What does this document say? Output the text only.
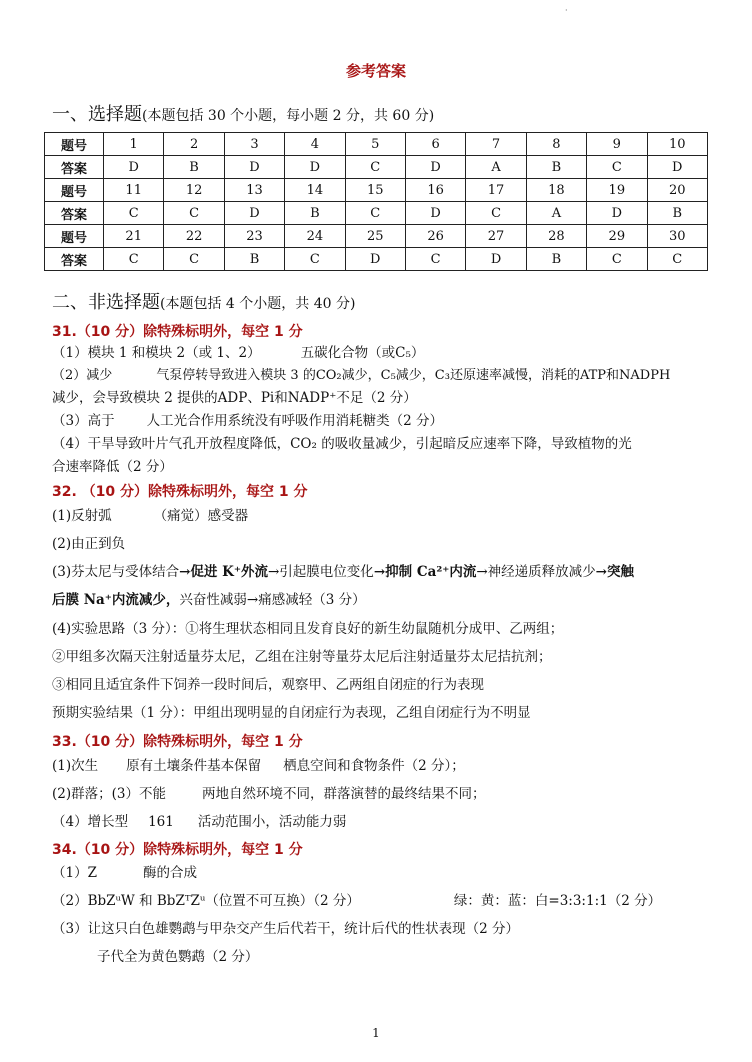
·
参考答案
一、选择题(本题包括 30 个小题，每小题 2 分，共 60 分)
题号	1	2	3	4	5	6	7	8	9	10
答案	D	B	D	D	C	D	A	B	C	D
题号	11	12	13	14	15	16	17	18	19	20
答案	C	C	D	B	C	D	C	A	D	B
题号	21	22	23	24	25	26	27	28	29	30
答案	C	C	B	C	D	C	D	B	C	C
二、非选择题(本题包括 4 个小题，共 40 分)
31.（10 分）除特殊标明外，每空 1 分
（1）模块 1 和模块 2（或 1、2）	五碳化合物（或C₅）
（2）减少	气泵停转导致进入模块 3 的CO₂减少，C₅减少，C₃还原速率减慢，消耗的ATP和NADPH
减少，会导致模块 2 提供的ADP、Pi和NADP⁺不足（2 分）
（3）高于 人工光合作用系统没有呼吸作用消耗糖类（2 分）
（4）干旱导致叶片气孔开放程度降低，CO₂ 的吸收量减少，引起暗反应速率下降，导致植物的光
合速率降低（2 分）
32. （10 分）除特殊标明外，每空 1 分
(1)反射弧	（痛觉）感受器
(2)由正到负
(3)芬太尼与受体结合→促进 K⁺外流→引起膜电位变化→抑制 Ca²⁺内流→神经递质释放减少→突触
后膜 Na⁺内流减少，兴奋性减弱→痛感减轻（3 分）
(4)实验思路（3 分）：①将生理状态相同且发育良好的新生幼鼠随机分成甲、乙两组；
②甲组多次隔天注射适量芬太尼，乙组在注射等量芬太尼后注射适量芬太尼拮抗剂；
③相同且适宜条件下饲养一段时间后，观察甲、乙两组自闭症的行为表现
预期实验结果（1 分）：甲组出现明显的自闭症行为表现，乙组自闭症行为不明显
33.（10 分）除特殊标明外，每空 1 分
(1)次生 原有土壤条件基本保留 栖息空间和食物条件（2 分）；
(2)群落；(3）不能	两地自然环境不同，群落演替的最终结果不同；
（4）增长型 161 活动范围小，活动能力弱
34.（10 分）除特殊标明外，每空 1 分
（1）Z	酶的合成
（2）BbZᵘW 和 BbZᵀZᵘ（位置不可互换）（2 分）	绿：黄：蓝：白=3:3:1:1（2 分）
（3）让这只白色雄鹦鹉与甲杂交产生后代若干，统计后代的性状表现（2 分）
子代全为黄色鹦鹉（2 分）
1
